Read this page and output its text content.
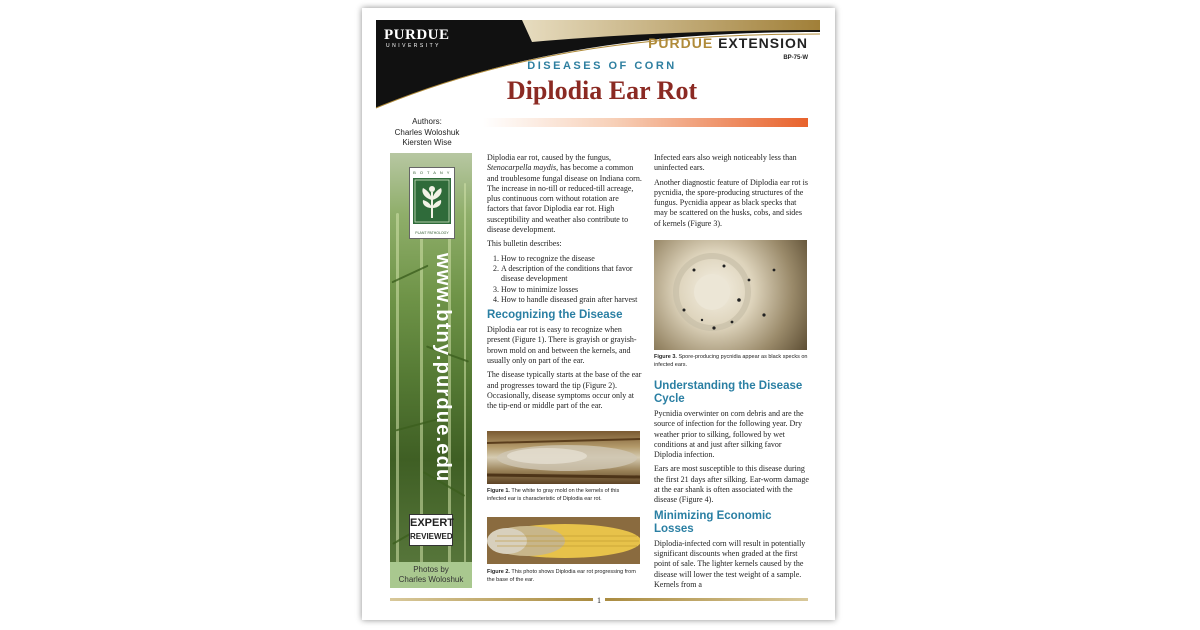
PURDUE
UNIVERSITY	PURDUE EXTENSION
BP-75-W
DISEASES OF CORN
Diplodia Ear Rot
Authors:
Charles Woloshuk
Kiersten Wise
B O T A N Y
PLANT PATHOLOGY
www.btny.purdue.edu
EXPERT
REVIEWED
Photos by
Charles Woloshuk

Diplodia ear rot, caused by the fungus, Stenocarpella maydis, has become a common and troublesome fungal disease on Indiana corn. The increase in no-till or reduced-till acreage, plus continuous corn without rotation are factors that favor Diplodia ear rot. High susceptibility and weather also contribute to disease development.

This bulletin describes:

1. How to recognize the disease
2. A description of the conditions that favor disease development
3. How to minimize losses
4. How to handle diseased grain after harvest
Recognizing the Disease

Diplodia ear rot is easy to recognize when present (Figure 1). There is grayish or grayish-brown mold on and between the kernels, and usually only on part of the ear.

The disease typically starts at the base of the ear and progresses toward the tip (Figure 2). Occasionally, disease symptoms occur only at the tip-end or middle part of the ear.

Figure 1. The white to gray mold on the kernels of this infected ear is characteristic of Diplodia ear rot.
Figure 2. This photo shows Diplodia ear rot progressing from the base of the ear.

Infected ears also weigh noticeably less than uninfected ears.

Another diagnostic feature of Diplodia ear rot is pycnidia, the spore-producing structures of the fungus. Pycnidia appear as black specks that may be scattered on the husks, cobs, and sides of kernels (Figure 3).

Figure 3. Spore-producing pycnidia appear as black specks on infected ears.
Understanding the Disease Cycle

Pycnidia overwinter on corn debris and are the source of infection for the following year. Dry weather prior to silking, followed by wet conditions at and just after silking favor Diplodia infection.

Ears are most susceptible to this disease during the first 21 days after silking. Ear-worm damage at the ear shank is often associated with the disease (Figure 4).

Minimizing Economic Losses

Diplodia-infected corn will result in potentially significant discounts when graded at the first point of sale. The lighter kernels caused by the disease will lower the test weight of a sample. Kernels from a

1
